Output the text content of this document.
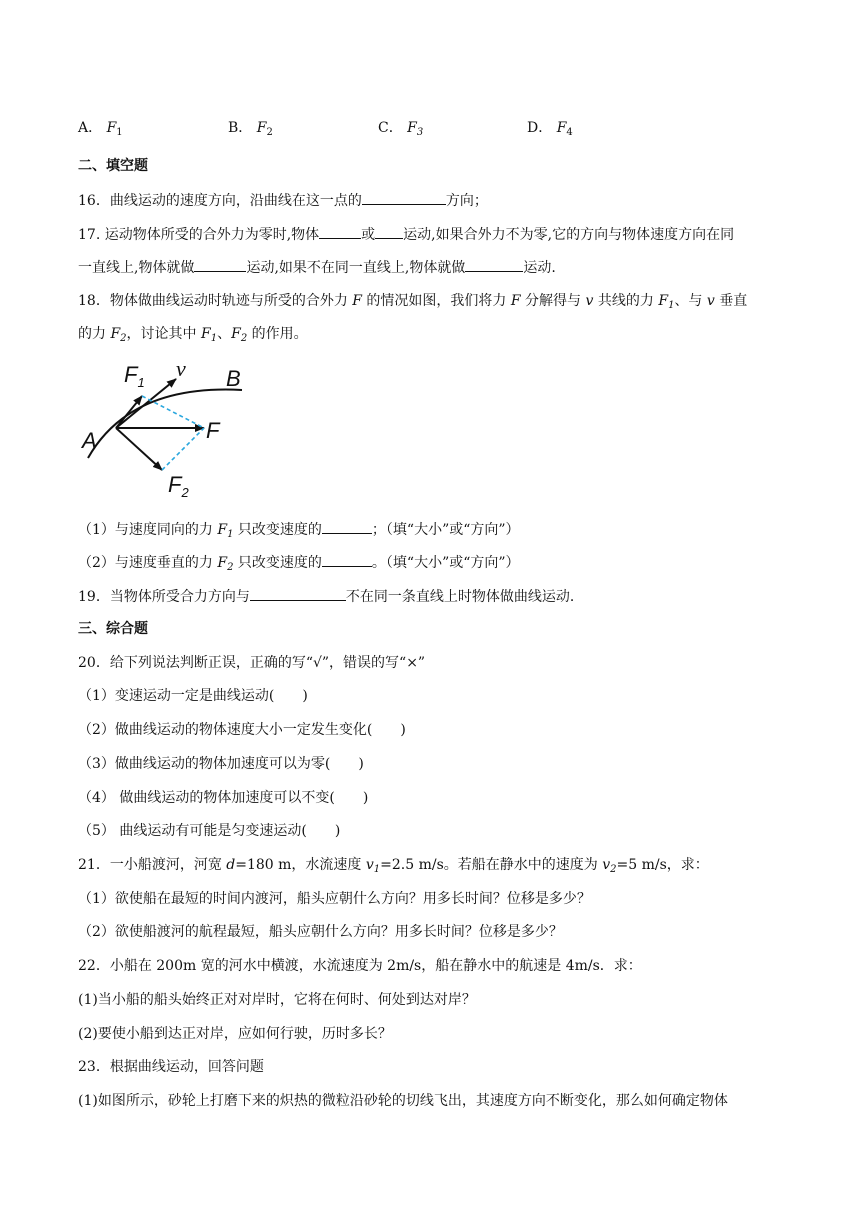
A． $F_1$	B． $F_2$	C． $F_3$	D． $F_4$
二、填空题
16．曲线运动的速度方向，沿曲线在这一点的	方向；
17. 运动物体所受的合外力为零时,物体	或 运动,如果合外力不为零,它的方向与物体速度方向在同
一直线上,物体就做	运动,如果不在同一直线上,物体就做	运动.
18．物体做曲线运动时轨迹与所受的合外力 F 的情况如图，我们将力 F 分解得与 v 共线的力 $F_1$、与 v 垂直
的力 $F_2$，讨论其中 $F_1$、$F_2$ 的作用。
$F_1$
v B
A	F
$F_2$
（1）与速度同向的力 $F_1$ 只改变速度的	；（填“大小”或“方向”）
（2）与速度垂直的力 $F_2$ 只改变速度的	。（填“大小”或“方向”）
19．当物体所受合力方向与	不在同一条直线上时物体做曲线运动．
三、综合题
20．给下列说法判断正误，正确的写“√”，错误的写“×”
（1）变速运动一定是曲线运动(　　)
（2）做曲线运动的物体速度大小一定发生变化(　　)
（3）做曲线运动的物体加速度可以为零(　　)
（4） 做曲线运动的物体加速度可以不变(　　)
（5） 曲线运动有可能是匀变速运动(　　)
21．一小船渡河，河宽 d=180 m，水流速度 $v_1=2.5$ m/s。若船在静水中的速度为 $v_2=5$ m/s，求：
（1）欲使船在最短的时间内渡河，船头应朝什么方向？用多长时间？位移是多少？
（2）欲使船渡河的航程最短，船头应朝什么方向？用多长时间？位移是多少？
22．小船在 200m 宽的河水中横渡，水流速度为 2m/s，船在静水中的航速是 4m/s．求：
(1)当小船的船头始终正对对岸时，它将在何时、何处到达对岸？
(2)要使小船到达正对岸，应如何行驶，历时多长？
23．根据曲线运动，回答问题
(1)如图所示，砂轮上打磨下来的炽热的微粒沿砂轮的切线飞出，其速度方向不断变化，那么如何确定物体
